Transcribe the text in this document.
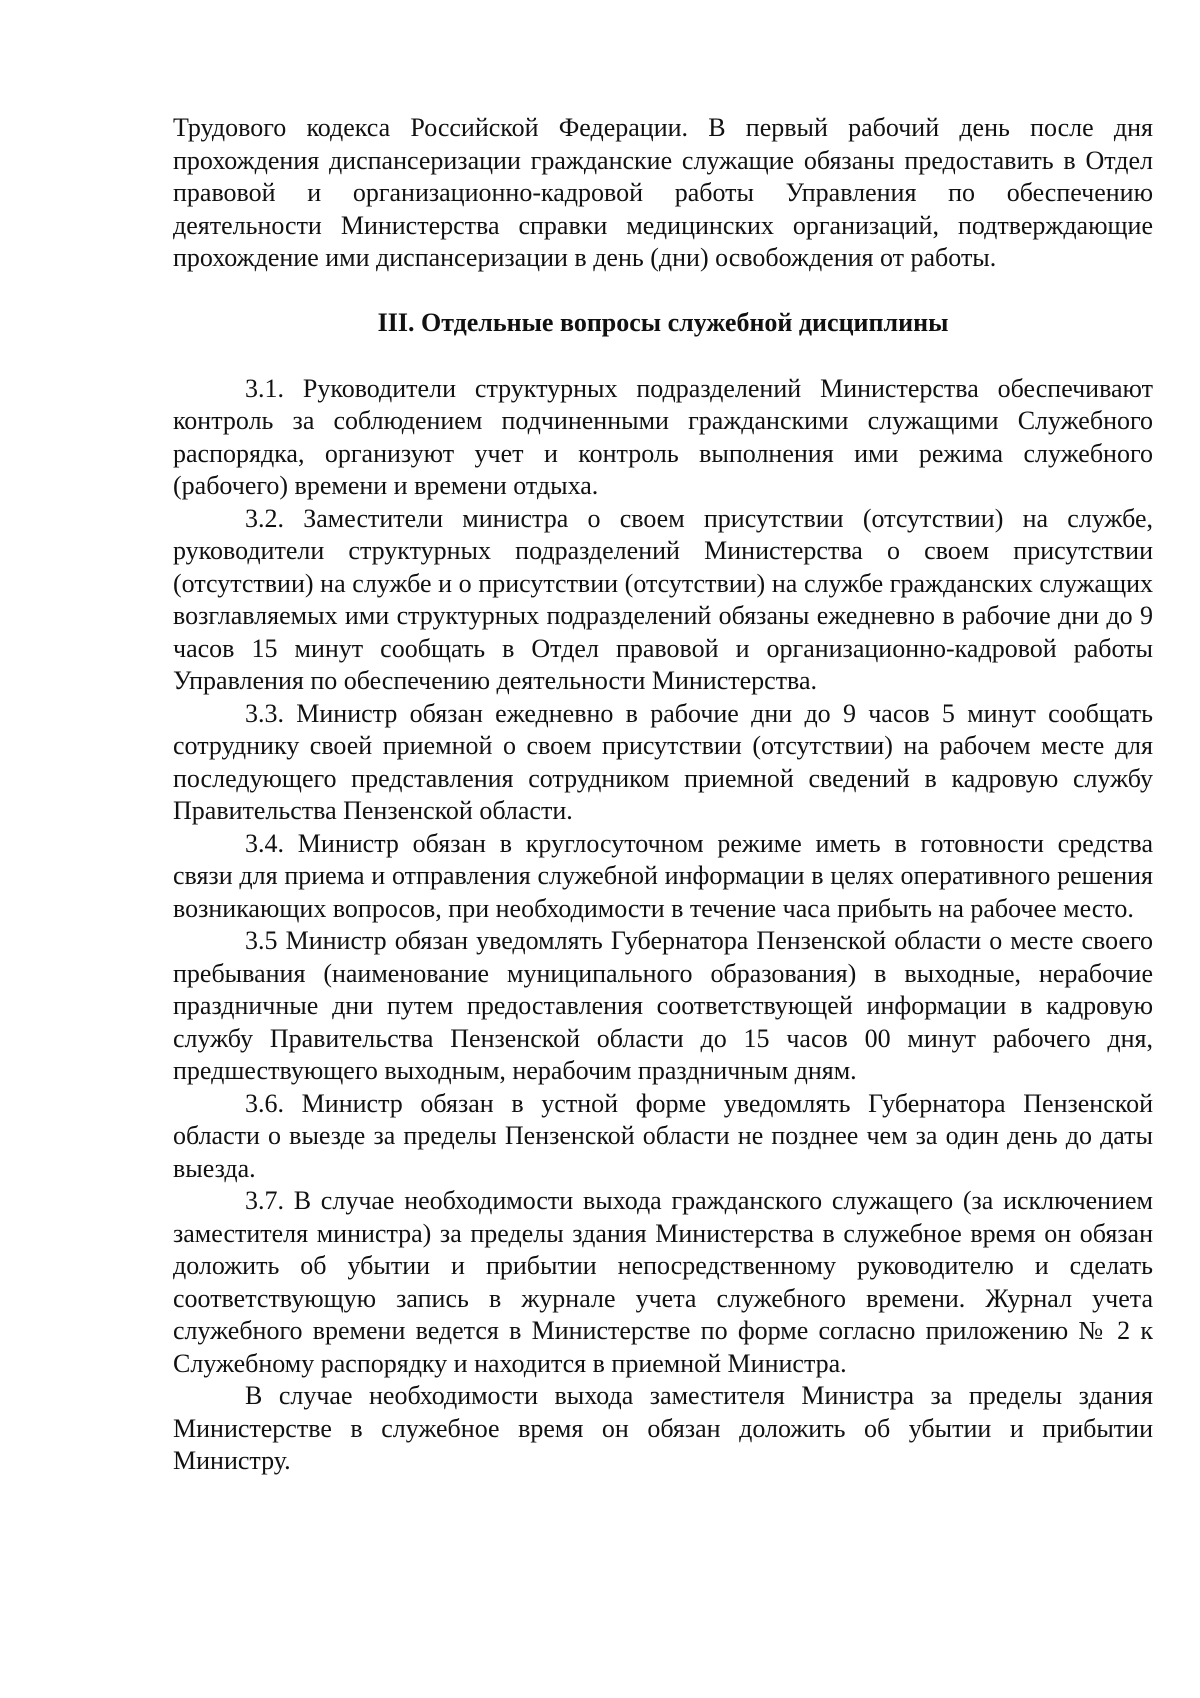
Трудового кодекса Российской Федерации. В первый рабочий день после дня прохождения диспансеризации гражданские служащие обязаны предоставить в Отдел правовой и организационно-кадровой работы Управления по обеспечению деятельности Министерства справки медицинских организаций, подтверждающие прохождение ими диспансеризации в день (дни) освобождения от работы.

III. Отдельные вопросы служебной дисциплины

3.1. Руководители структурных подразделений Министерства обеспечивают контроль за соблюдением подчиненными гражданскими служащими Служебного распорядка, организуют учет и контроль выполнения ими режима служебного (рабочего) времени и времени отдыха.

3.2. Заместители министра о своем присутствии (отсутствии) на службе, руководители структурных подразделений Министерства о своем присутствии (отсутствии) на службе и о присутствии (отсутствии) на службе гражданских служащих возглавляемых ими структурных подразделений обязаны ежедневно в рабочие дни до 9 часов 15 минут сообщать в Отдел правовой и организационно-кадровой работы Управления по обеспечению деятельности Министерства.

3.3. Министр обязан ежедневно в рабочие дни до 9 часов 5 минут сообщать сотруднику своей приемной о своем присутствии (отсутствии) на рабочем месте для последующего представления сотрудником приемной сведений в кадровую службу Правительства Пензенской области.

3.4. Министр обязан в круглосуточном режиме иметь в готовности средства связи для приема и отправления служебной информации в целях оперативного решения возникающих вопросов, при необходимости в течение часа прибыть на рабочее место.

3.5 Министр обязан уведомлять Губернатора Пензенской области о месте своего пребывания (наименование муниципального образования) в выходные, нерабочие праздничные дни путем предоставления соответствующей информации в кадровую службу Правительства Пензенской области до 15 часов 00 минут рабочего дня, предшествующего выходным, нерабочим праздничным дням.

3.6. Министр обязан в устной форме уведомлять Губернатора Пензенской области о выезде за пределы Пензенской области не позднее чем за один день до даты выезда.

3.7. В случае необходимости выхода гражданского служащего (за исключением заместителя министра) за пределы здания Министерства в служебное время он обязан доложить об убытии и прибытии непосредственному руководителю и сделать соответствующую запись в журнале учета служебного времени. Журнал учета служебного времени ведется в Министерстве по форме согласно приложению № 2 к Служебному распорядку и находится в приемной Министра.

В случае необходимости выхода заместителя Министра за пределы здания Министерстве в служебное время он обязан доложить об убытии и прибытии Министру.
